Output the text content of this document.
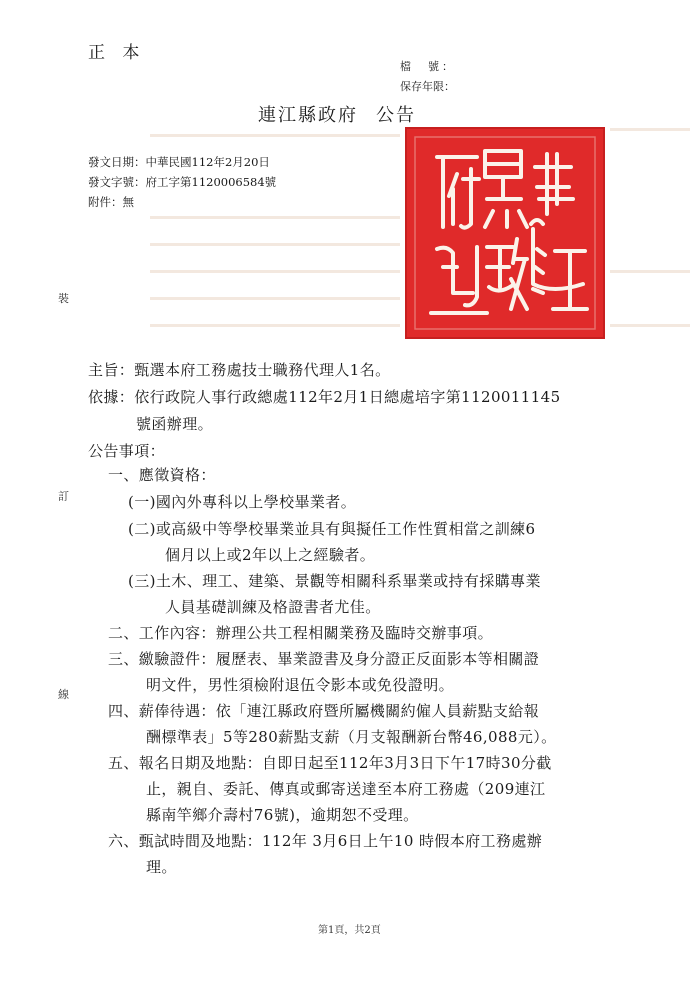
正 本
檔　號：
保存年限：
連江縣政府 公告
發文日期：中華民國112年2月20日
發文字號：府工字第1120006584號
附件：無
裝
訂
線
主旨：甄選本府工務處技士職務代理人1名。
依據：依行政院人事行政總處112年2月1日總處培字第1120011145
號函辦理。
公告事項：
一、應徵資格：
(一)國內外專科以上學校畢業者。
(二)或高級中等學校畢業並具有與擬任工作性質相當之訓練6
個月以上或2年以上之經驗者。
(三)土木、理工、建築、景觀等相關科系畢業或持有採購專業
人員基礎訓練及格證書者尤佳。
二、工作內容：辦理公共工程相關業務及臨時交辦事項。
三、繳驗證件：履歷表、畢業證書及身分證正反面影本等相關證
明文件，男性須檢附退伍令影本或免役證明。
四、薪俸待遇：依「連江縣政府暨所屬機關約僱人員薪點支給報
酬標準表」5等280薪點支薪（月支報酬新台幣46,088元）。
五、報名日期及地點：自即日起至112年3月3日下午17時30分截
止，親自、委託、傳真或郵寄送達至本府工務處（209連江
縣南竿鄉介壽村76號)，逾期恕不受理。
六、甄試時間及地點：112年 3月6日上午10 時假本府工務處辦
理。
第1頁，共2頁
